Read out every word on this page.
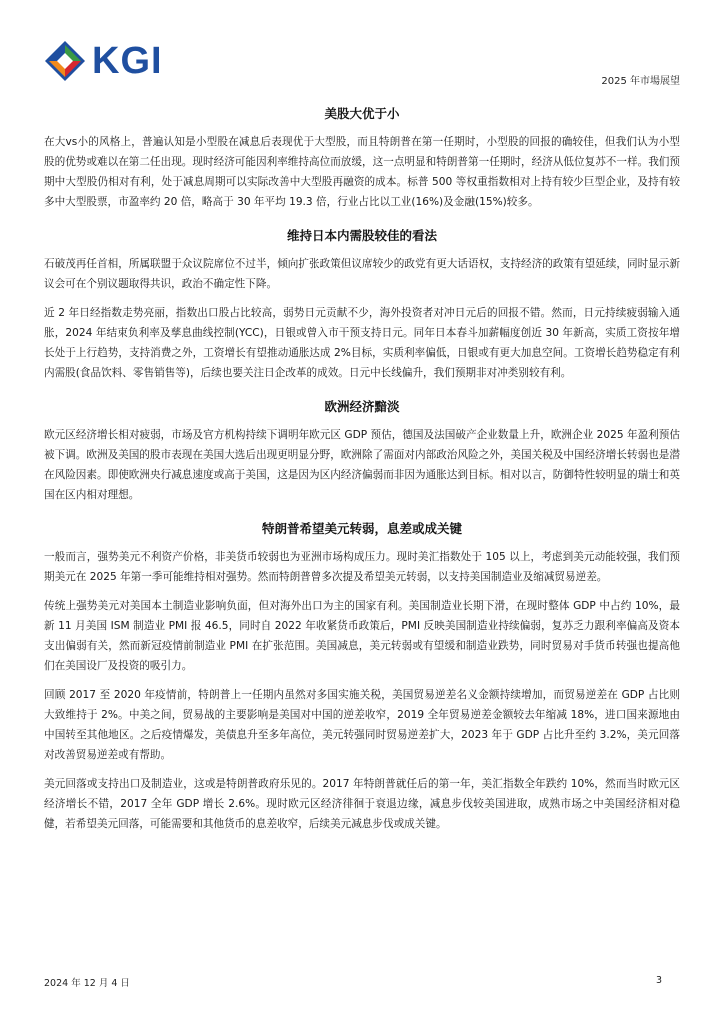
KGI	2025 年市場展望
美股大优于小

在大vs小的风格上，普遍认知是小型股在减息后表现优于大型股，而且特朗普在第一任期时，小型股的回报的确较佳，但我们认为小型股的优势或难以在第二任出现。现时经济可能因利率维持高位而放缓，这一点明显和特朗普第一任期时，经济从低位复苏不一样。我们预期中大型股仍相对有利，处于减息周期可以实际改善中大型股再融资的成本。标普 500 等权重指数相对上持有较少巨型企业，及持有较多中大型股票，市盈率约 20 倍，略高于 30 年平均 19.3 倍，行业占比以工业(16%)及金融(15%)较多。

维持日本内需股较佳的看法

石破茂再任首相，所属联盟于众议院席位不过半，倾向扩张政策但议席较少的政党有更大话语权，支持经济的政策有望延续，同时显示新议会可在个别议题取得共识，政治不确定性下降。

近 2 年日经指数走势亮丽，指数出口股占比较高，弱势日元贡献不少，海外投资者对冲日元后的回报不错。然而，日元持续疲弱输入通胀，2024 年结束负利率及孳息曲线控制(YCC)，日银或曾入市干预支持日元。同年日本春斗加薪幅度创近 30 年新高，实质工资按年增长处于上行趋势，支持消费之外，工资增长有望推动通胀达成 2%目标，实质利率偏低，日银或有更大加息空间。工资增长趋势稳定有利内需股(食品饮料、零售销售等)，后续也要关注日企改革的成效。日元中长线偏升，我们预期非对冲类别较有利。

欧洲经济黯淡

欧元区经济增长相对疲弱，市场及官方机构持续下调明年欧元区 GDP 预估，德国及法国破产企业数量上升，欧洲企业 2025 年盈利预估被下调。欧洲及美国的股市表现在美国大选后出现更明显分野，欧洲除了需面对内部政治风险之外，美国关税及中国经济增长转弱也是潜在风险因素。即使欧洲央行减息速度或高于美国，这是因为区内经济偏弱而非因为通胀达到目标。相对以言，防御特性较明显的瑞士和英国在区内相对理想。

特朗普希望美元转弱，息差或成关键

一般而言，强势美元不利资产价格，非美货币较弱也为亚洲市场构成压力。现时美汇指数处于 105 以上，考虑到美元动能较强，我们预期美元在 2025 年第一季可能维持相对强势。然而特朗普曾多次提及希望美元转弱，以支持美国制造业及缩减贸易逆差。

传统上强势美元对美国本土制造业影响负面，但对海外出口为主的国家有利。美国制造业长期下滑，在现时整体 GDP 中占约 10%，最新 11 月美国 ISM 制造业 PMI 报 46.5，同时自 2022 年收紧货币政策后，PMI 反映美国制造业持续偏弱，复苏乏力跟利率偏高及资本支出偏弱有关，然而新冠疫情前制造业 PMI 在扩张范围。美国减息，美元转弱或有望缓和制造业跌势，同时贸易对手货币转强也提高他们在美国设厂及投资的吸引力。

回顾 2017 至 2020 年疫情前，特朗普上一任期内虽然对多国实施关税，美国贸易逆差名义金额持续增加，而贸易逆差在 GDP 占比则大致维持于 2%。中美之间，贸易战的主要影响是美国对中国的逆差收窄，2019 全年贸易逆差金额较去年缩减 18%，进口国来源地由中国转至其他地区。之后疫情爆发，美债息升至多年高位，美元转强同时贸易逆差扩大，2023 年于 GDP 占比升至约 3.2%，美元回落对改善贸易逆差或有帮助。

美元回落或支持出口及制造业，这或是特朗普政府乐见的。2017 年特朗普就任后的第一年，美汇指数全年跌约 10%，然而当时欧元区经济增长不错，2017 全年 GDP 增长 2.6%。现时欧元区经济徘徊于衰退边缘，减息步伐较美国进取，成熟市场之中美国经济相对稳健，若希望美元回落，可能需要和其他货币的息差收窄，后续美元减息步伐或成关键。

2024 年 12 月 4 日	3
